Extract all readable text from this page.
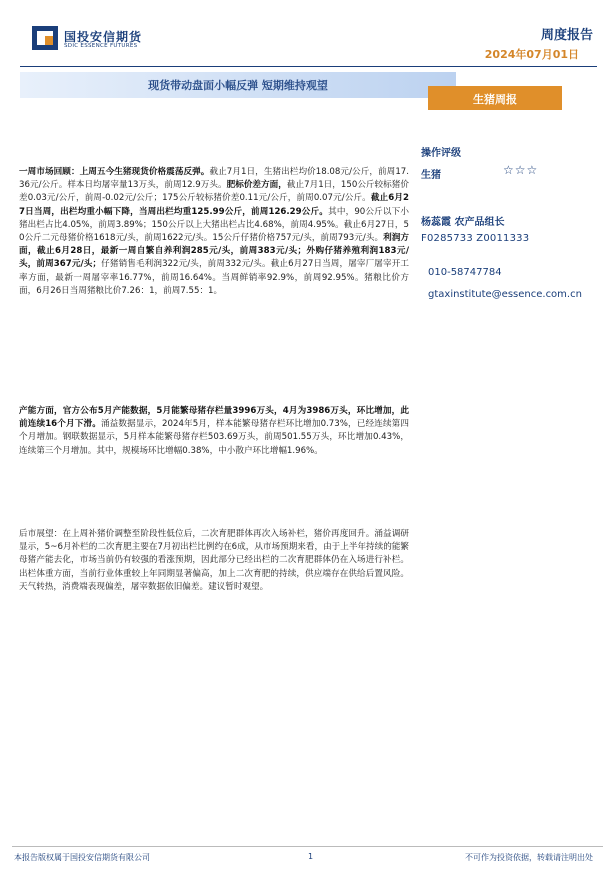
国投安信期货
SDIC ESSENCE FUTURES
周度报告
2024年07月01日
现货带动盘面小幅反弹 短期维持观望
生猪周报
一周市场回顾：上周五今生猪现货价格震荡反弹。截止7月1日，生猪出栏均价18.08元/公斤，前周17.36元/公斤。样本日均屠宰量13万头，前周12.9万头。肥标价差方面，截止7月1日，150公斤较标猪价差0.03元/公斤，前周-0.02元/公斤；175公斤较标猪价差0.11元/公斤，前周0.07元/公斤。截止6月27日当周，出栏均重小幅下降，当周出栏均重125.99公斤，前周126.29公斤。其中，90公斤以下小猪出栏占比4.05%，前周3.89%；150公斤以上大猪出栏占比4.68%，前周4.95%。截止6月27日，50公斤二元母猪价格1618元/头，前周1622元/头。15公斤仔猪价格757元/头，前周793元/头。利润方面，截止6月28日，最新一周自繁自养利润285元/头，前周383元/头；外购仔猪养殖利润183元/头，前周367元/头；仔猪销售毛利润322元/头，前周332元/头。截止6月27日当周，屠宰厂屠宰开工率方面，最新一周屠宰率16.77%，前周16.64%。当周鲜销率92.9%，前周92.95%。猪粮比价方面，6月26日当周猪粮比价7.26：1，前周7.55：1。
产能方面，官方公布5月产能数据，5月能繁母猪存栏量3996万头，4月为3986万头，环比增加，此前连续16个月下滑。涌益数据显示，2024年5月，样本能繁母猪存栏环比增加0.73%，已经连续第四个月增加。钢联数据显示，5月样本能繁母猪存栏503.69万头，前周501.55万头，环比增加0.43%，连续第三个月增加。其中，规模场环比增幅0.38%，中小散户环比增幅1.96%。
后市展望：在上周补猪价调整至阶段性低位后，二次育肥群体再次入场补栏，猪价再度回升。涌益调研显示，5~6月补栏的二次育肥主要在7月初出栏比例约在6成，从市场预期来看，由于上半年持续的能繁母猪产能去化，市场当前仍有较强的看涨预期，因此部分已经出栏的二次育肥群体仍在入场进行补栏。出栏体重方面，当前行业体重较上年同期显著偏高，加上二次育肥的持续，供应端存在供给后置风险。天气转热，消费端表现偏差，屠宰数据依旧偏差。建议暂时观望。
操作评级
生猪	☆☆☆
杨蕊霞 农产品组长
F0285733 Z0011333
010-58747784
gtaxinstitute@essence.com.cn
本报告版权属于国投安信期货有限公司	1	不可作为投资依据，转载请注明出处
